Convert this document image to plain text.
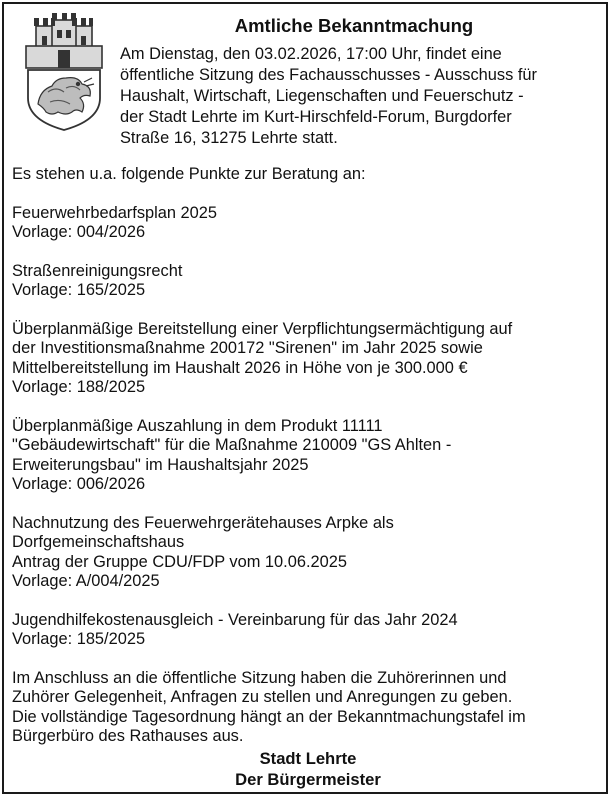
Amtliche Bekanntmachung
Am Dienstag, den 03.02.2026, 17:00 Uhr, findet eine
öffentliche Sitzung des Fachausschusses - Ausschuss für
Haushalt, Wirtschaft, Liegenschaften und Feuerschutz -
der Stadt Lehrte im Kurt-Hirschfeld-Forum, Burgdorfer
Straße 16, 31275 Lehrte statt.
Es stehen u.a. folgende Punkte zur Beratung an:
Feuerwehrbedarfsplan 2025
Vorlage: 004/2026
Straßenreinigungsrecht
Vorlage: 165/2025
Überplanmäßige Bereitstellung einer Verpflichtungsermächtigung auf
der Investitionsmaßnahme 200172 "Sirenen" im Jahr 2025 sowie
Mittelbereitstellung im Haushalt 2026 in Höhe von je 300.000 €
Vorlage: 188/2025
Überplanmäßige Auszahlung in dem Produkt 11111
"Gebäudewirtschaft" für die Maßnahme 210009 "GS Ahlten -
Erweiterungsbau" im Haushaltsjahr 2025
Vorlage: 006/2026
Nachnutzung des Feuerwehrgerätehauses Arpke als
Dorfgemeinschaftshaus
Antrag der Gruppe CDU/FDP vom 10.06.2025
Vorlage: A/004/2025
Jugendhilfekostenausgleich - Vereinbarung für das Jahr 2024
Vorlage: 185/2025
Im Anschluss an die öffentliche Sitzung haben die Zuhörerinnen und
Zuhörer Gelegenheit, Anfragen zu stellen und Anregungen zu geben.
Die vollständige Tagesordnung hängt an der Bekanntmachungstafel im
Bürgerbüro des Rathauses aus.
Stadt Lehrte
Der Bürgermeister
